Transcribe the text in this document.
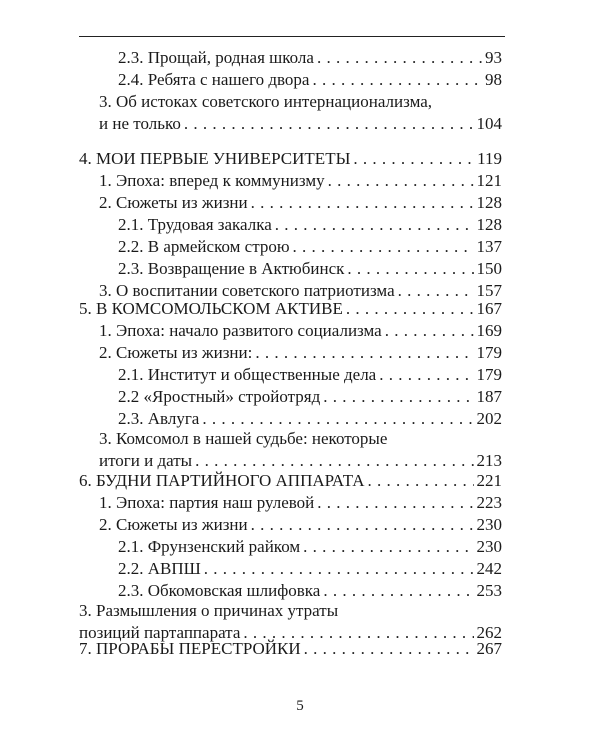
2.3. Прощай, родная школа . . .	93
2.4. Ребята с нашего двора . . .	98
3. Об истоках советского интернационализма,
и не только . . .	104
4. МОИ ПЕРВЫЕ УНИВЕРСИТЕТЫ . . .	119
1. Эпоха: вперед к коммунизму . . .	121
2. Сюжеты из жизни . . .	128
2.1. Трудовая закалка . . .	128
2.2. В армейском строю . . .	137
2.3. Возвращение в Актюбинск . . .	150
3. О воспитании советского патриотизма . . .	157
5. В КОМСОМОЛЬСКОМ АКТИВЕ . . .	167
1. Эпоха: начало развитого социализма . . .	169
2. Сюжеты из жизни: . . .	179
2.1. Институт и общественные дела . . .	179
2.2 «Яростный» стройотряд . . .	187
2.3. Авлуга . . .	202
3. Комсомол в нашей судьбе: некоторые
итоги и даты . . .	213
6. БУДНИ ПАРТИЙНОГО АППАРАТА . . .	221
1. Эпоха: партия наш рулевой . . .	223
2. Сюжеты из жизни . . .	230
2.1. Фрунзенский райком . . .	230
2.2. АВПШ . . .	242
2.3. Обкомовская шлифовка . . .	253
3. Размышления о причинах утраты
позиций партаппарата . . .	262
7. ПРОРАБЫ ПЕРЕСТРОЙКИ . . .	267
5
